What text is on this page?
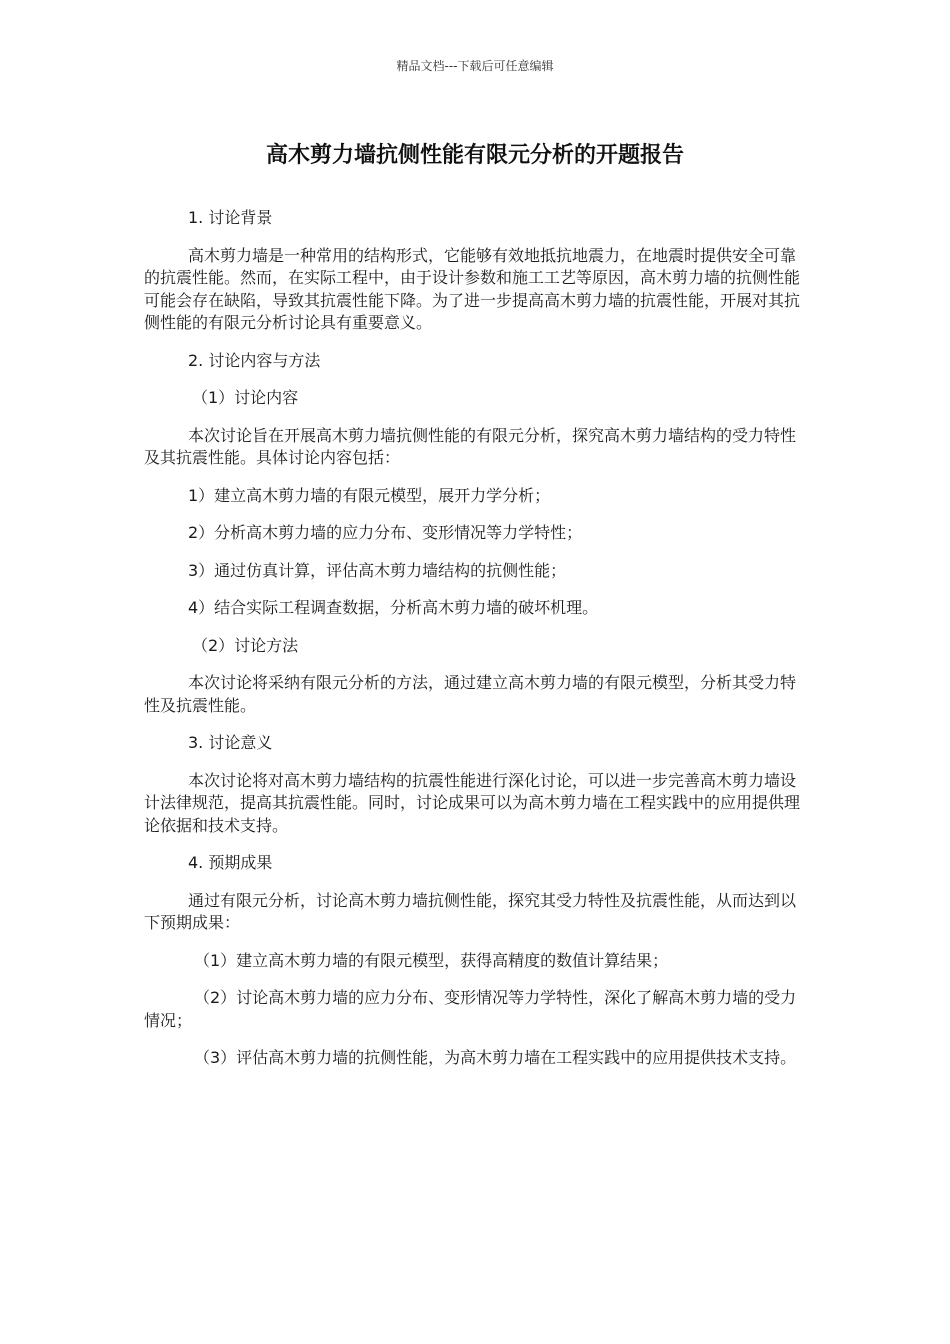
精品文档---下载后可任意编辑
高木剪力墙抗侧性能有限元分析的开题报告

1. 讨论背景

高木剪力墙是一种常用的结构形式，它能够有效地抵抗地震力，在地震时提供安全可靠的抗震性能。然而，在实际工程中，由于设计参数和施工工艺等原因，高木剪力墙的抗侧性能可能会存在缺陷，导致其抗震性能下降。为了进一步提高高木剪力墙的抗震性能，开展对其抗侧性能的有限元分析讨论具有重要意义。

2. 讨论内容与方法

（1）讨论内容

本次讨论旨在开展高木剪力墙抗侧性能的有限元分析，探究高木剪力墙结构的受力特性及其抗震性能。具体讨论内容包括：

1）建立高木剪力墙的有限元模型，展开力学分析；

2）分析高木剪力墙的应力分布、变形情况等力学特性；

3）通过仿真计算，评估高木剪力墙结构的抗侧性能；

4）结合实际工程调查数据，分析高木剪力墙的破坏机理。

（2）讨论方法

本次讨论将采纳有限元分析的方法，通过建立高木剪力墙的有限元模型，分析其受力特性及抗震性能。

3. 讨论意义

本次讨论将对高木剪力墙结构的抗震性能进行深化讨论，可以进一步完善高木剪力墙设计法律规范，提高其抗震性能。同时，讨论成果可以为高木剪力墙在工程实践中的应用提供理论依据和技术支持。

4. 预期成果

通过有限元分析，讨论高木剪力墙抗侧性能，探究其受力特性及抗震性能，从而达到以下预期成果：

（1）建立高木剪力墙的有限元模型，获得高精度的数值计算结果；

（2）讨论高木剪力墙的应力分布、变形情况等力学特性，深化了解高木剪力墙的受力情况；

（3）评估高木剪力墙的抗侧性能，为高木剪力墙在工程实践中的应用提供技术支持。
